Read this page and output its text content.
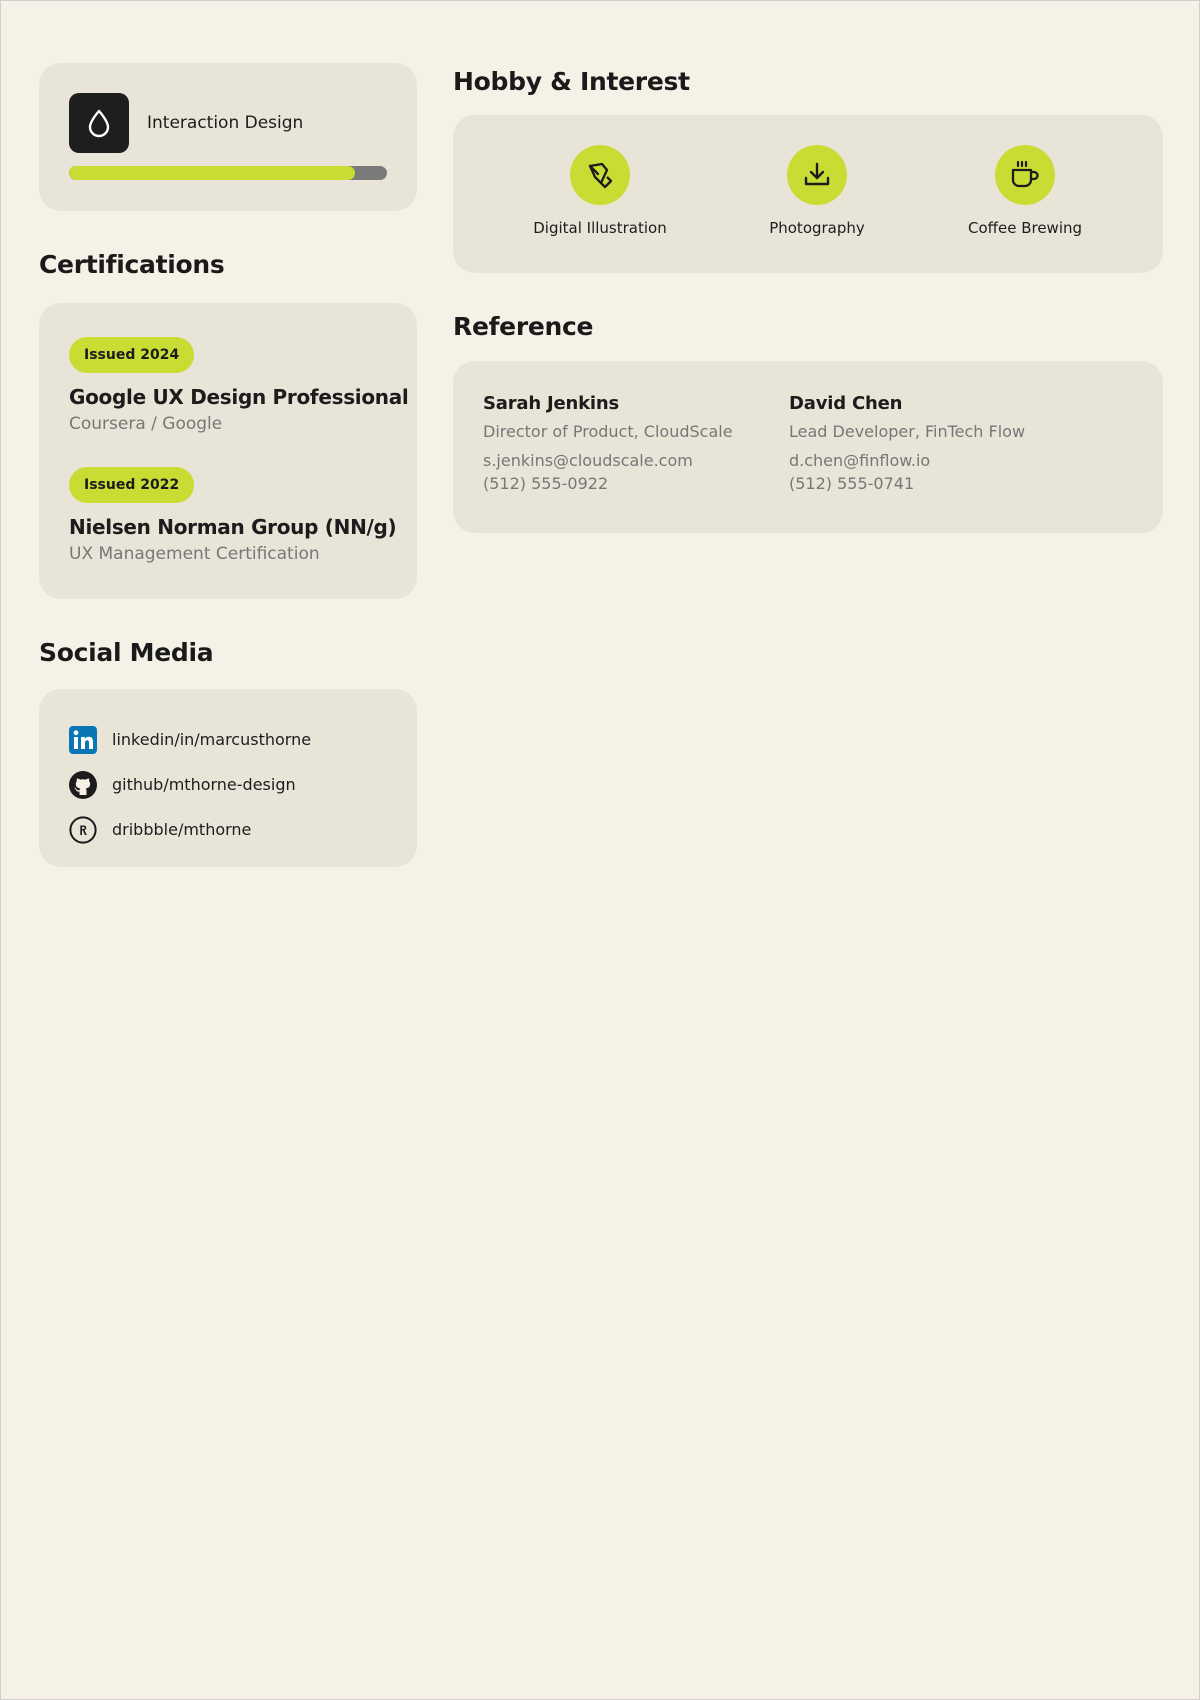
Interaction Design
Certifications
Issued 2024
Google UX Design Professional
Coursera / Google
Issued 2022
Nielsen Norman Group (NN/g)
UX Management Certification
Social Media
linkedin/in/marcusthorne
github/mthorne-design
dribbble/mthorne
Hobby & Interest
Digital Illustration	Photography	Coffee Brewing
Reference
Sarah Jenkins
Director of Product, CloudScale
s.jenkins@cloudscale.com
(512) 555-0922
David Chen
Lead Developer, FinTech Flow
d.chen@finflow.io
(512) 555-0741
